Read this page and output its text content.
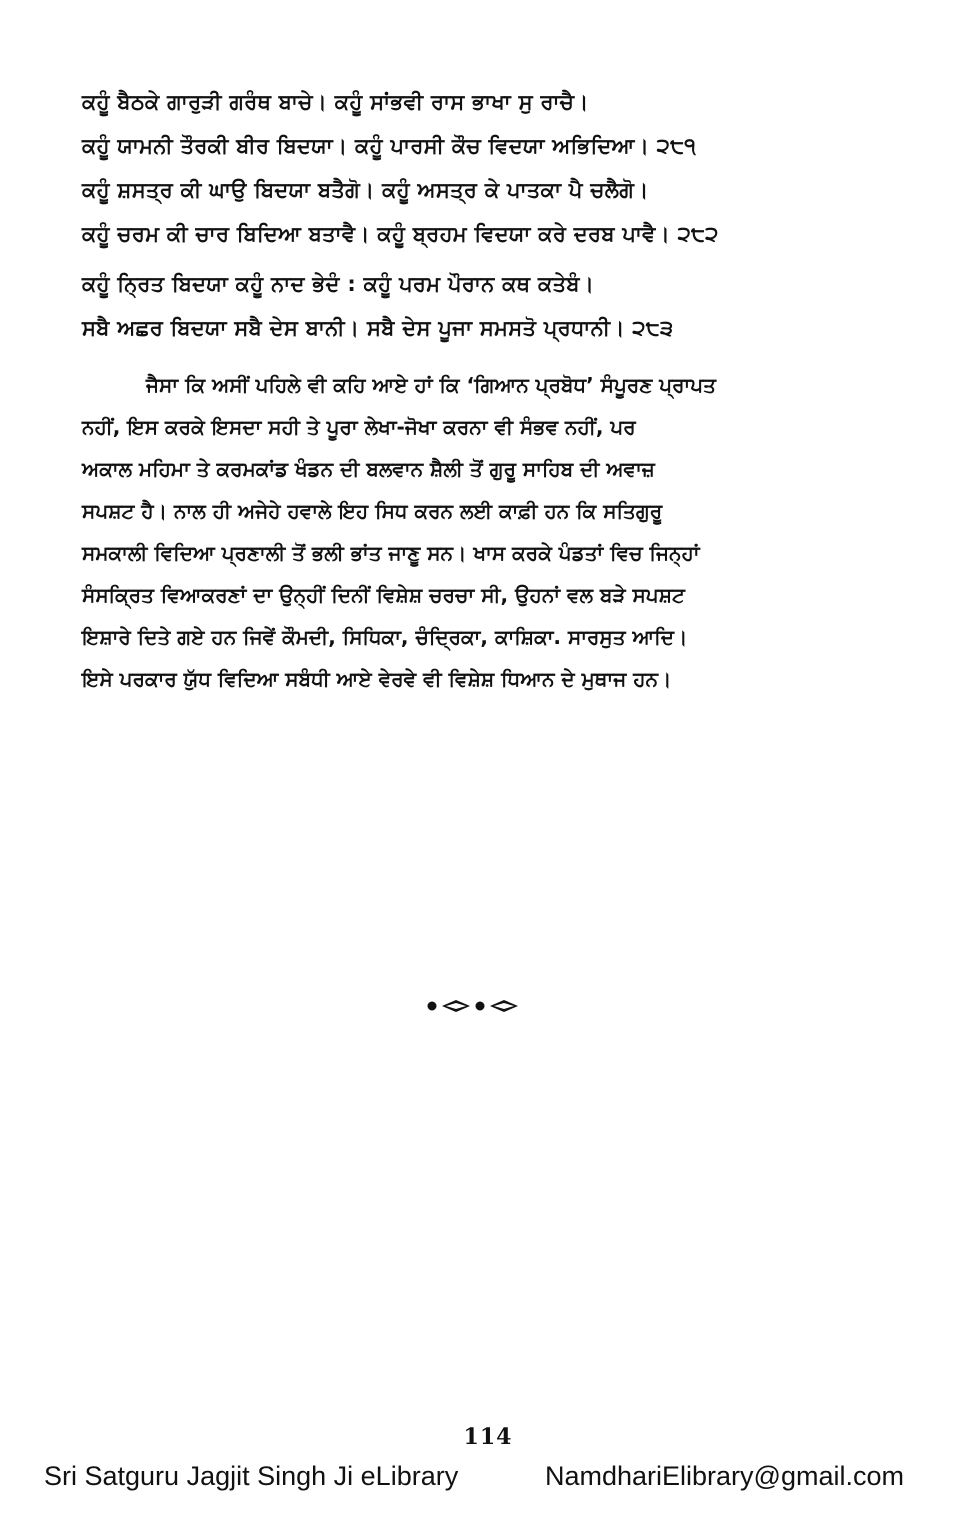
ਕਹੂੰ ਬੈਠਕੇ ਗਾਰੁੜੀ ਗਰੰਥ ਬਾਚੇ। ਕਹੂੰ ਸਾਂਭਵੀ ਰਾਸ ਭਾਖਾ ਸੁ ਰਾਚੈ।
ਕਹੂੰ ਯਾਮਨੀ ਤੌਰਕੀ ਬੀਰ ਬਿਦਯਾ। ਕਹੂੰ ਪਾਰਸੀ ਕੌਚ ਵਿਦਯਾ ਅਭਿਦਿਆ। ੨੮੧
ਕਹੂੰ ਸ਼ਸਤ੍ਰ ਕੀ ਘਾਉ ਬਿਦਯਾ ਬਤੈਗੋ। ਕਹੂੰ ਅਸਤ੍ਰ ਕੇ ਪਾਤਕਾ ਪੈ ਚਲੈਗੋ।
ਕਹੂੰ ਚਰਮ ਕੀ ਚਾਰ ਬਿਦਿਆ ਬਤਾਵੈ। ਕਹੂੰ ਬ੍ਰਹਮ ਵਿਦਯਾ ਕਰੇ ਦਰਬ ਪਾਵੈ। ੨੮੨
ਕਹੂੰ ਨ੍ਰਿਤ ਬਿਦਯਾ ਕਹੂੰ ਨਾਦ ਭੇਦੰ : ਕਹੂੰ ਪਰਮ ਪੌਰਾਨ ਕਥ ਕਤੇਬੰ।
ਸਬੈ ਅਛਰ ਬਿਦਯਾ ਸਬੈ ਦੇਸ ਬਾਨੀ। ਸਬੈ ਦੇਸ ਪੂਜਾ ਸਮਸਤੋ ਪ੍ਰਧਾਨੀ। ੨੮੩
ਜੈਸਾ ਕਿ ਅਸੀਂ ਪਹਿਲੇ ਵੀ ਕਹਿ ਆਏ ਹਾਂ ਕਿ ‘ਗਿਆਨ ਪ੍ਰਬੋਧ’ ਸੰਪੂਰਣ ਪ੍ਰਾਪਤ
ਨਹੀਂ, ਇਸ ਕਰਕੇ ਇਸਦਾ ਸਹੀ ਤੇ ਪੂਰਾ ਲੇਖਾ-ਜੋਖਾ ਕਰਨਾ ਵੀ ਸੰਭਵ ਨਹੀਂ, ਪਰ
ਅਕਾਲ ਮਹਿਮਾ ਤੇ ਕਰਮਕਾਂਡ ਖੰਡਨ ਦੀ ਬਲਵਾਨ ਸ਼ੈਲੀ ਤੋਂ ਗੁਰੂ ਸਾਹਿਬ ਦੀ ਅਵਾਜ਼
ਸਪਸ਼ਟ ਹੈ। ਨਾਲ ਹੀ ਅਜੇਹੇ ਹਵਾਲੇ ਇਹ ਸਿਧ ਕਰਨ ਲਈ ਕਾਫ਼ੀ ਹਨ ਕਿ ਸਤਿਗੁਰੂ
ਸਮਕਾਲੀ ਵਿਦਿਆ ਪ੍ਰਣਾਲੀ ਤੋਂ ਭਲੀ ਭਾਂਤ ਜਾਣੂ ਸਨ। ਖਾਸ ਕਰਕੇ ਪੰਡਤਾਂ ਵਿਚ ਜਿਨ੍ਹਾਂ
ਸੰਸਕ੍ਰਿਤ ਵਿਆਕਰਣਾਂ ਦਾ ਉਨ੍ਹੀਂ ਦਿਨੀਂ ਵਿਸ਼ੇਸ਼ ਚਰਚਾ ਸੀ, ਉਹਨਾਂ ਵਲ ਬੜੇ ਸਪਸ਼ਟ
ਇਸ਼ਾਰੇ ਦਿਤੇ ਗਏ ਹਨ ਜਿਵੇਂ ਕੌਮਦੀ, ਸਿਧਿਕਾ, ਚੰਦ੍ਰਿਕਾ, ਕਾਸ਼ਿਕਾ. ਸਾਰਸੁਤ ਆਦਿ।
ਇਸੇ ਪਰਕਾਰ ਯੁੱਧ ਵਿਦਿਆ ਸਬੰਧੀ ਆਏ ਵੇਰਵੇ ਵੀ ਵਿਸ਼ੇਸ਼ ਧਿਆਨ ਦੇ ਮੁਥਾਜ ਹਨ।
114
Sri Satguru Jagjit Singh Ji eLibrary	NamdhariElibrary@gmail.com
